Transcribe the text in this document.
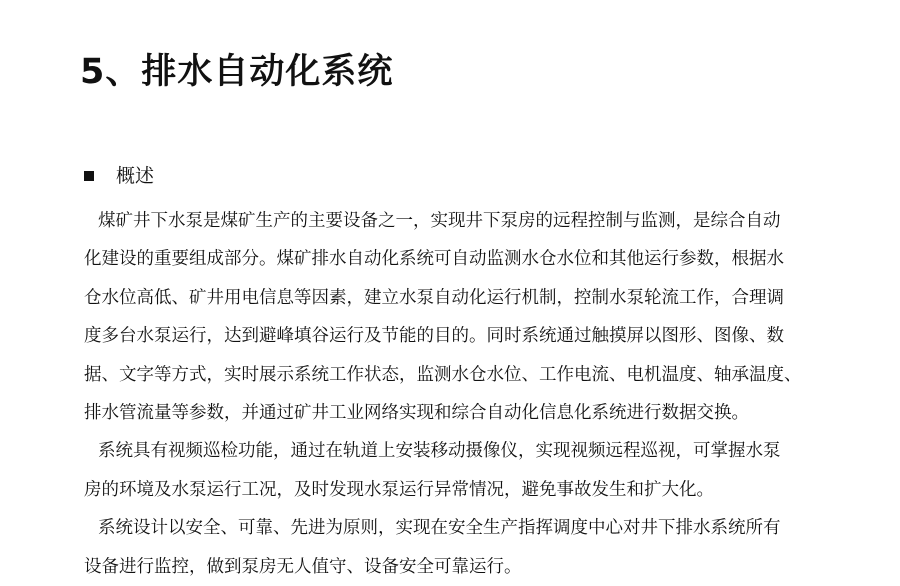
5、排水自动化系统
概述

煤矿井下水泵是煤矿生产的主要设备之一，实现井下泵房的远程控制与监测，是综合自动
化建设的重要组成部分。煤矿排水自动化系统可自动监测水仓水位和其他运行参数，根据水
仓水位高低、矿井用电信息等因素，建立水泵自动化运行机制，控制水泵轮流工作，合理调
度多台水泵运行，达到避峰填谷运行及节能的目的。同时系统通过触摸屏以图形、图像、数
据、文字等方式，实时展示系统工作状态，监测水仓水位、工作电流、电机温度、轴承温度、
排水管流量等参数，并通过矿井工业网络实现和综合自动化信息化系统进行数据交换。

系统具有视频巡检功能，通过在轨道上安装移动摄像仪，实现视频远程巡视，可掌握水泵
房的环境及水泵运行工况，及时发现水泵运行异常情况，避免事故发生和扩大化。

系统设计以安全、可靠、先进为原则，实现在安全生产指挥调度中心对井下排水系统所有
设备进行监控，做到泵房无人值守、设备安全可靠运行。
